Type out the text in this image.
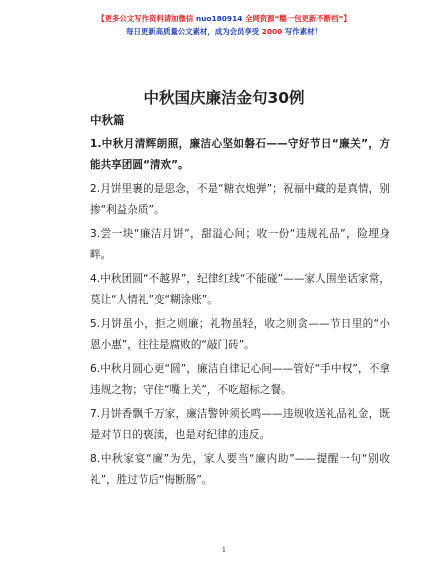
【更多公文写作资料请加微信 nuo180914 全网资源“糯一包更新不断档”】
每日更新高质量公文素材，成为会员享受 2000 写作素材！
中秋国庆廉洁金句30例
中秋篇
1.中秋月清辉朗照，廉洁心坚如磐石——守好节日“廉关”，方能共享团圆“清欢”。
2.月饼里裹的是思念，不是“糖衣炮弹”；祝福中藏的是真情，别掺“利益杂质”。
3.尝一块“廉洁月饼”，甜溢心间；收一份“违规礼品”，险埋身畔。
4.中秋团圆“不越界”，纪律红线“不能碰”——家人围坐话家常，莫让“人情礼”变“糊涂账”。
5.月饼虽小，拒之则廉；礼物虽轻，收之则贪——节日里的“小恩小惠”，往往是腐败的“敲门砖”。
6.中秋月圆心更“圆”，廉洁自律记心间——管好“手中权”，不拿违规之物；守住“嘴上关”，不吃超标之餐。
7.月饼香飘千万家，廉洁警钟须长鸣——违规收送礼品礼金，既是对节日的亵渎，也是对纪律的违反。
8.中秋家宴“廉”为先，家人要当“廉内助”——提醒一句“别收礼”，胜过节后“悔断肠”。
1
